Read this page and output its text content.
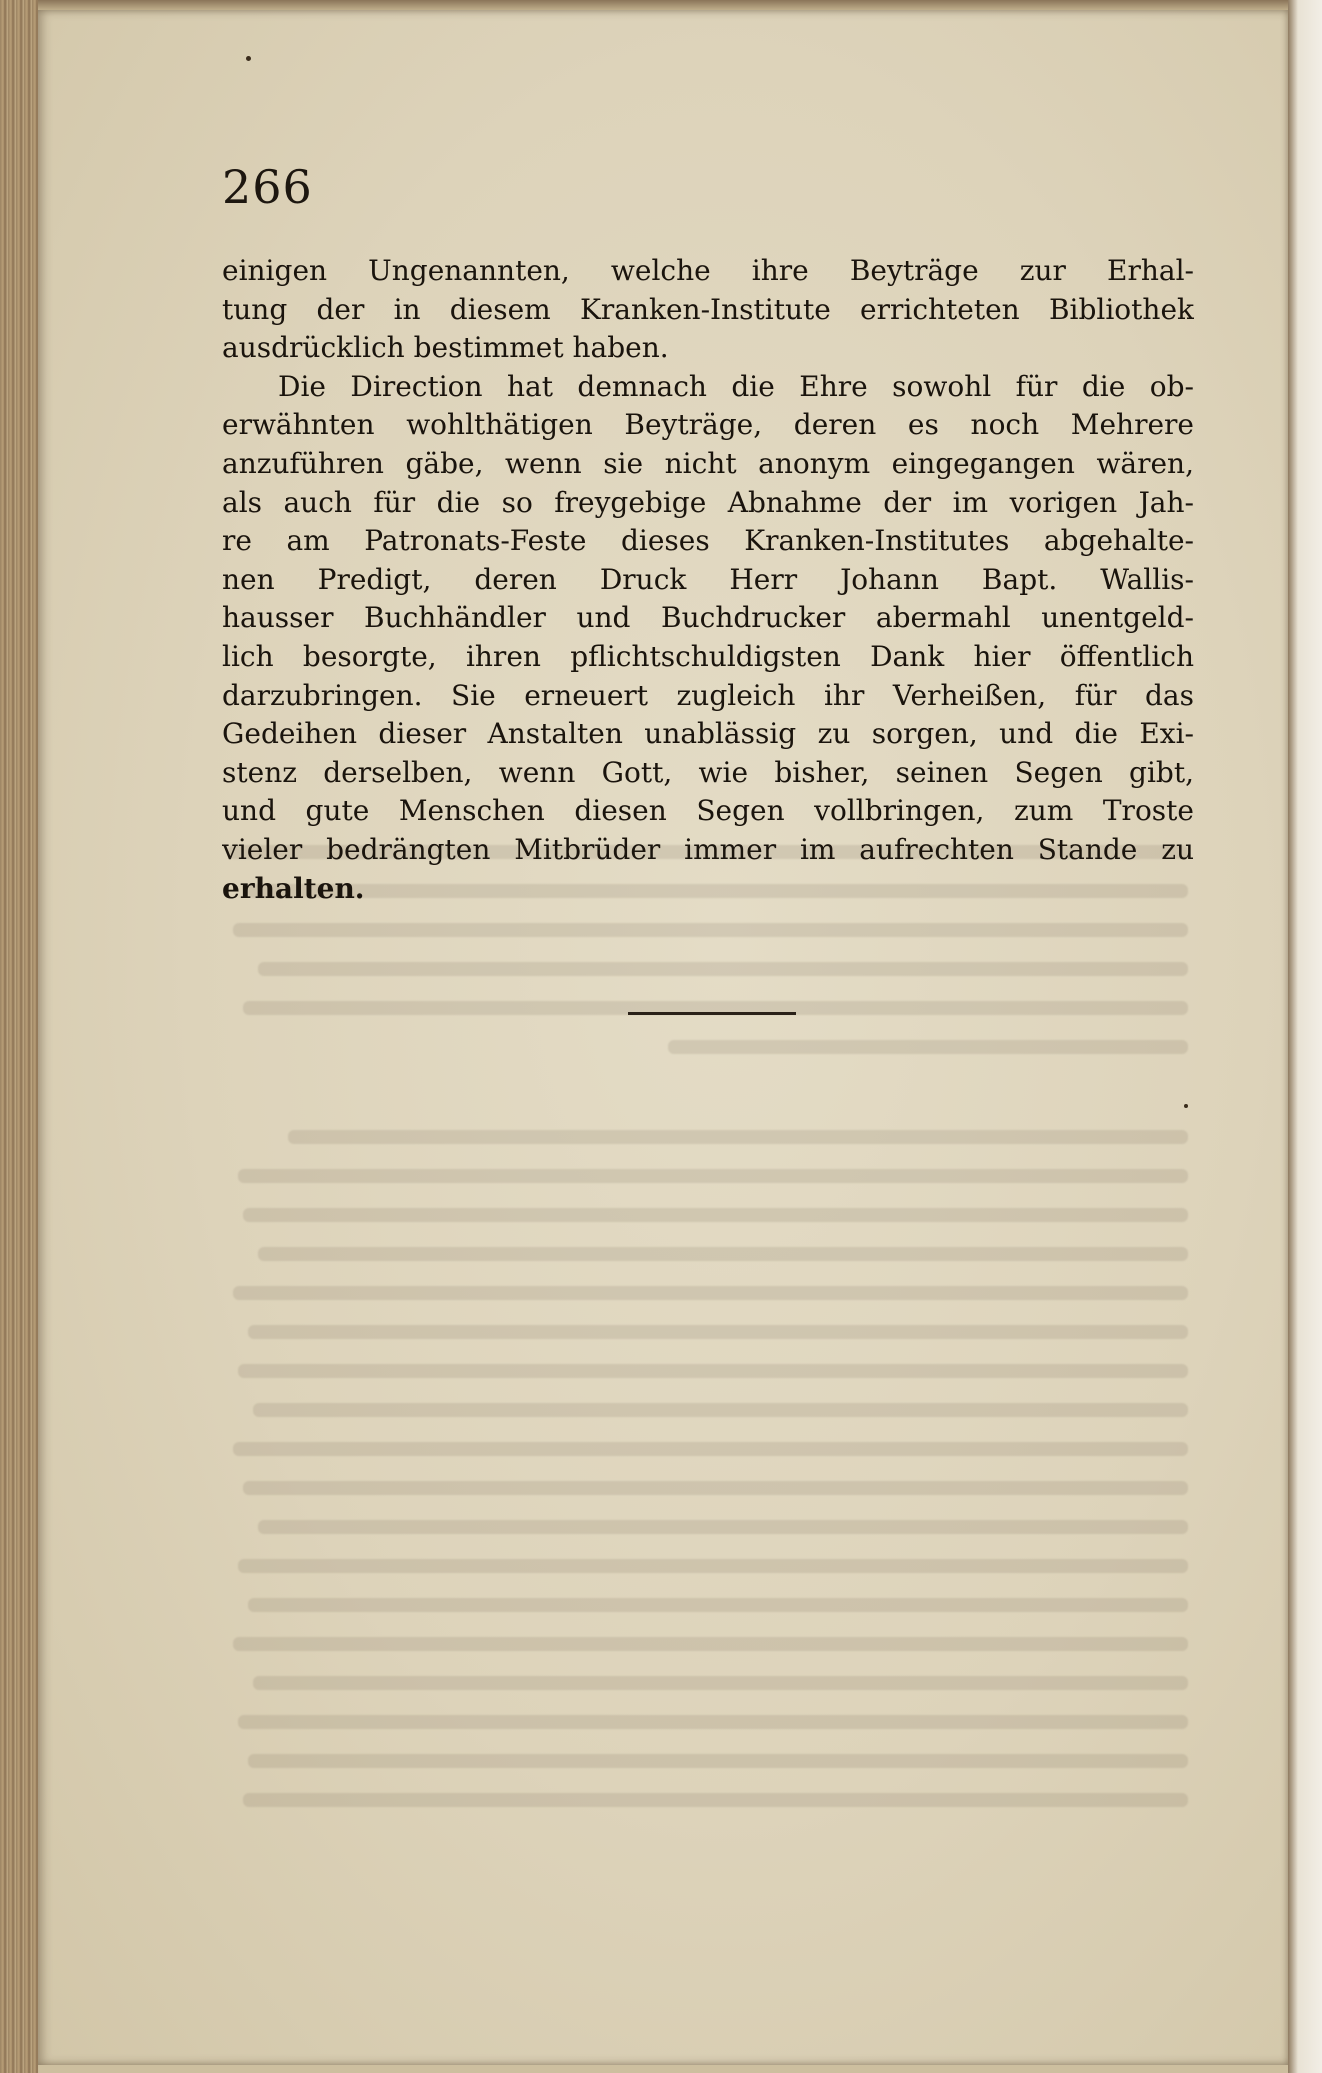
266
einigen Ungenannten, welche ihre Beyträge zur Erhal-
tung der in diesem Kranken-Institute errichteten Bibliothek
ausdrücklich bestimmet haben.
Die Direction hat demnach die Ehre sowohl für die ob-
erwähnten wohlthätigen Beyträge, deren es noch Mehrere
anzuführen gäbe, wenn sie nicht anonym eingegangen wären,
als auch für die so freygebige Abnahme der im vorigen Jah-
re am Patronats-Feste dieses Kranken-Institutes abgehalte-
nen Predigt, deren Druck Herr Johann Bapt. Wallis-
hausser Buchhändler und Buchdrucker abermahl unentgeld-
lich besorgte, ihren pflichtschuldigsten Dank hier öffentlich
darzubringen. Sie erneuert zugleich ihr Verheißen, für das
Gedeihen dieser Anstalten unablässig zu sorgen, und die Exi-
stenz derselben, wenn Gott, wie bisher, seinen Segen gibt,
und gute Menschen diesen Segen vollbringen, zum Troste
vieler bedrängten Mitbrüder immer im aufrechten Stande zu
erhalten.
